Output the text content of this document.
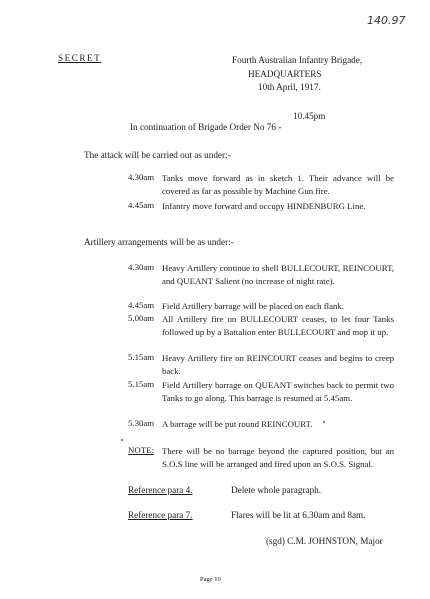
140.97
SECRET	Fourth Australian Infantry Brigade,
HEADQUARTERS
10th April, 1917.
10.45pm
In continuation of Brigade Order No 76 -
The attack will be carried out as under:-
4.30am Tanks move forward as in sketch 1. Their advance will be covered as far as possible by Machine Gun fire.
4.45am Infantry move forward and occupy HINDENBURG Line.
Artillery arrangements will be as under:-
4.30am Heavy Artillery continue to shell BULLECOURT, REINCOURT, and QUEANT Salient (no increase of night rate).
4.45am Field Artillery barrage will be placed on each flank.
5.00am All Artillery fire on BULLECOURT ceases, to let four Tanks followed up by a Battalion enter BULLECOURT and mop it up.
5.15am Heavy Artillery fire on REINCOURT ceases and begins to creep back.
5.15am Field Artillery barrage on QUEANT switches back to permit two Tanks to go along. This barrage is resumed at 5.45am.
5.30am A barrage will be put round REINCOURT.
NOTE: There will be no barrage beyond the captured position, but an S.O.S line will be arranged and fired upon an S.O.S. Signal.
Reference para 4.	Delete whole paragraph.
Reference para 7.	Flares will be lit at 6.30am and 8am.
(sgd) C.M. JOHNSTON, Major
Page 10
